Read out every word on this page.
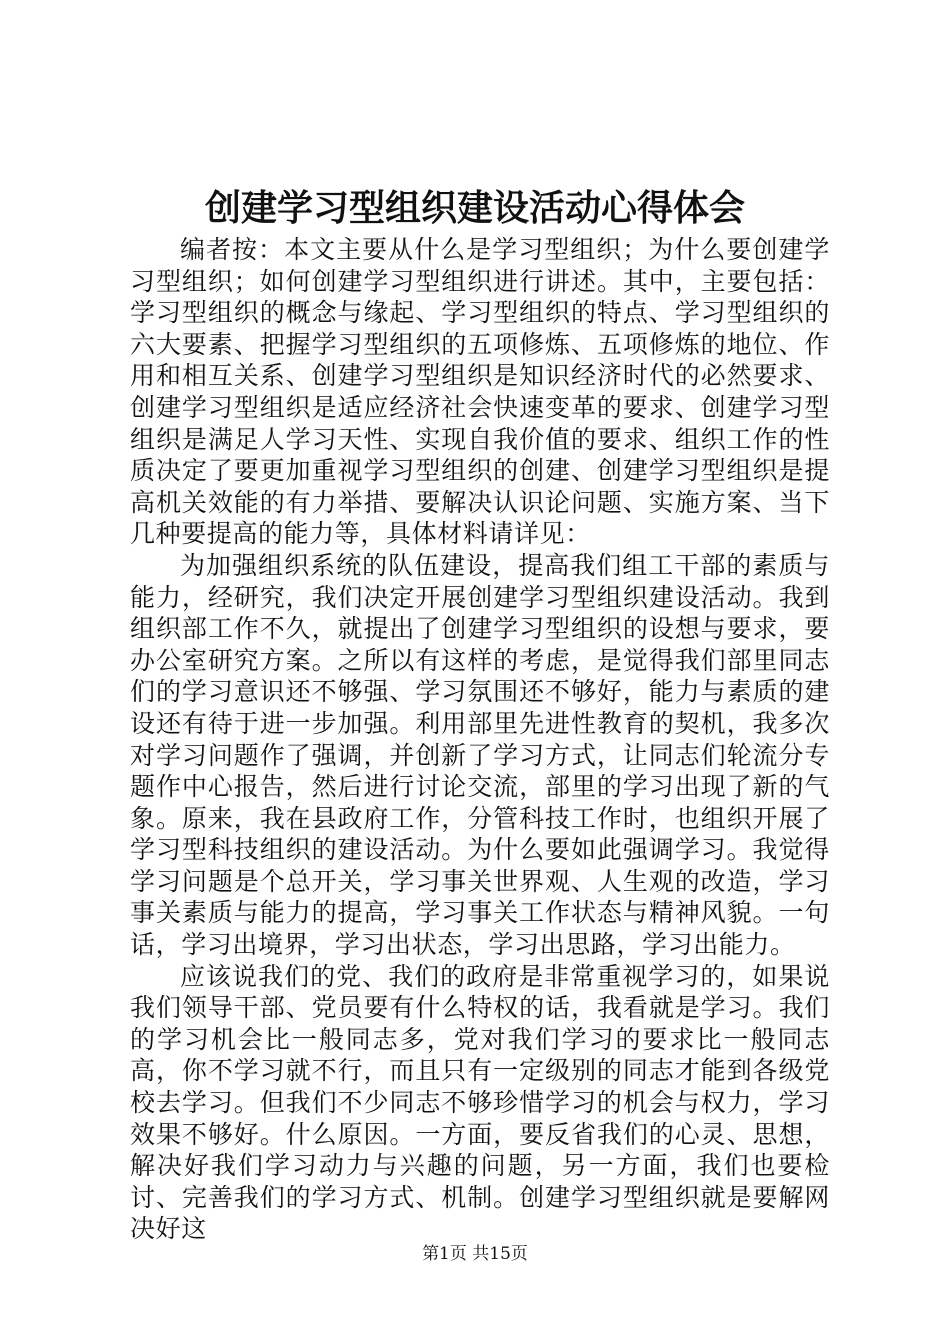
创建学习型组织建设活动心得体会

编者按：本文主要从什么是学习型组织；为什么要创建学习型组织；如何创建学习型组织进行讲述。其中，主要包括：学习型组织的概念与缘起、学习型组织的特点、学习型组织的六大要素、把握学习型组织的五项修炼、五项修炼的地位、作用和相互关系、创建学习型组织是知识经济时代的必然要求、创建学习型组织是适应经济社会快速变革的要求、创建学习型组织是满足人学习天性、实现自我价值的要求、组织工作的性质决定了要更加重视学习型组织的创建、创建学习型组织是提高机关效能的有力举措、要解决认识论问题、实施方案、当下几种要提高的能力等，具体材料请详见：

为加强组织系统的队伍建设，提高我们组工干部的素质与能力，经研究，我们决定开展创建学习型组织建设活动。我到组织部工作不久，就提出了创建学习型组织的设想与要求，要办公室研究方案。之所以有这样的考虑，是觉得我们部里同志们的学习意识还不够强、学习氛围还不够好，能力与素质的建设还有待于进一步加强。利用部里先进性教育的契机，我多次对学习问题作了强调，并创新了学习方式，让同志们轮流分专题作中心报告，然后进行讨论交流，部里的学习出现了新的气象。原来，我在县政府工作，分管科技工作时，也组织开展了学习型科技组织的建设活动。为什么要如此强调学习。我觉得学习问题是个总开关，学习事关世界观、人生观的改造，学习事关素质与能力的提高，学习事关工作状态与精神风貌。一句话，学习出境界，学习出状态，学习出思路，学习出能力。

应该说我们的党、我们的政府是非常重视学习的，如果说我们领导干部、党员要有什么特权的话，我看就是学习。我们的学习机会比一般同志多，党对我们学习的要求比一般同志高，你不学习就不行，而且只有一定级别的同志才能到各级党校去学习。但我们不少同志不够珍惜学习的机会与权力，学习效果不够好。什么原因。一方面，要反省我们的心灵、思想，解决好我们学习动力与兴趣的问题，另一方面，我们也要检讨、完善我们的学习方式、机制。创建学习型组织就是要解网决好这

第1页 共15页
